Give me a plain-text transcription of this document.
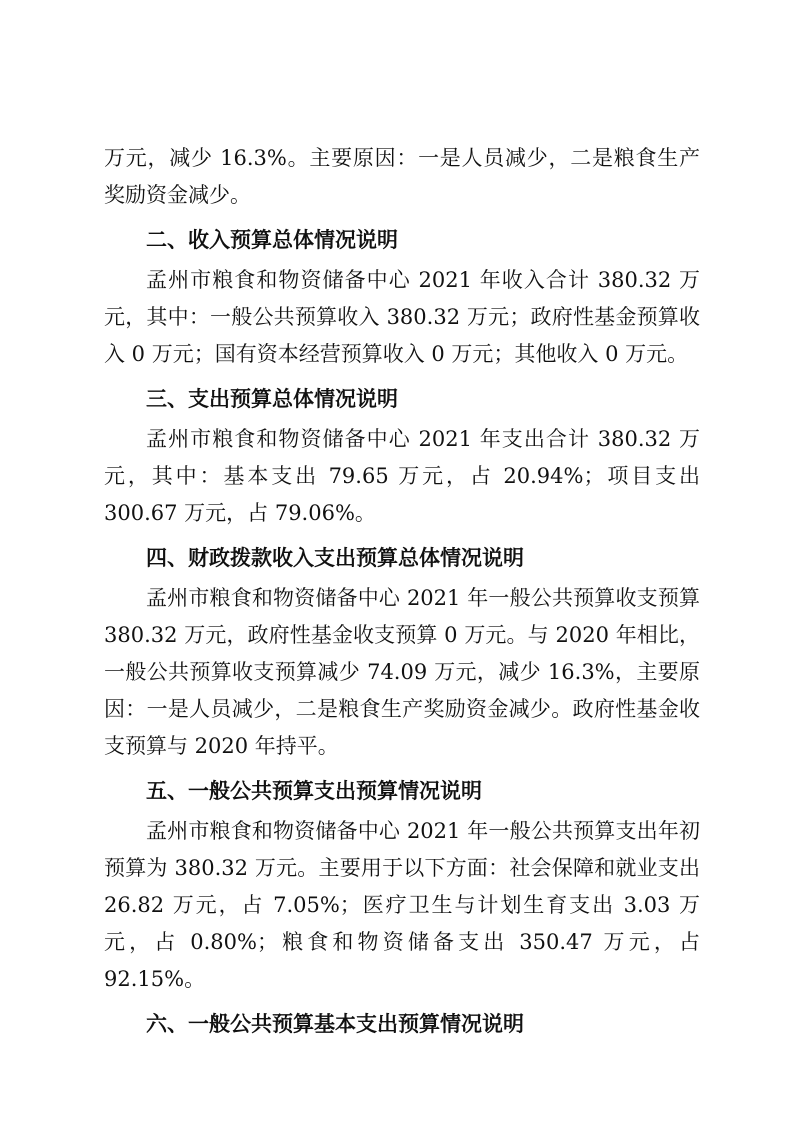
万元，减少 16.3%。主要原因：一是人员减少，二是粮食生产奖励资金减少。

二、收入预算总体情况说明

孟州市粮食和物资储备中心 2021 年收入合计 380.32 万元，其中：一般公共预算收入 380.32 万元；政府性基金预算收入 0 万元；国有资本经营预算收入 0 万元；其他收入 0 万元。

三、支出预算总体情况说明

孟州市粮食和物资储备中心 2021 年支出合计 380.32 万元，其中：基本支出 79.65 万元，占 20.94%；项目支出 300.67 万元，占 79.06%。

四、财政拨款收入支出预算总体情况说明

孟州市粮食和物资储备中心 2021 年一般公共预算收支预算 380.32 万元，政府性基金收支预算 0 万元。与 2020 年相比，一般公共预算收支预算减少 74.09 万元，减少 16.3%，主要原因：一是人员减少，二是粮食生产奖励资金减少。政府性基金收支预算与 2020 年持平。

五、一般公共预算支出预算情况说明

孟州市粮食和物资储备中心 2021 年一般公共预算支出年初预算为 380.32 万元。主要用于以下方面：社会保障和就业支出 26.82 万元，占 7.05%；医疗卫生与计划生育支出 3.03 万元，占 0.80%；粮食和物资储备支出 350.47 万元，占 92.15%。

六、一般公共预算基本支出预算情况说明
